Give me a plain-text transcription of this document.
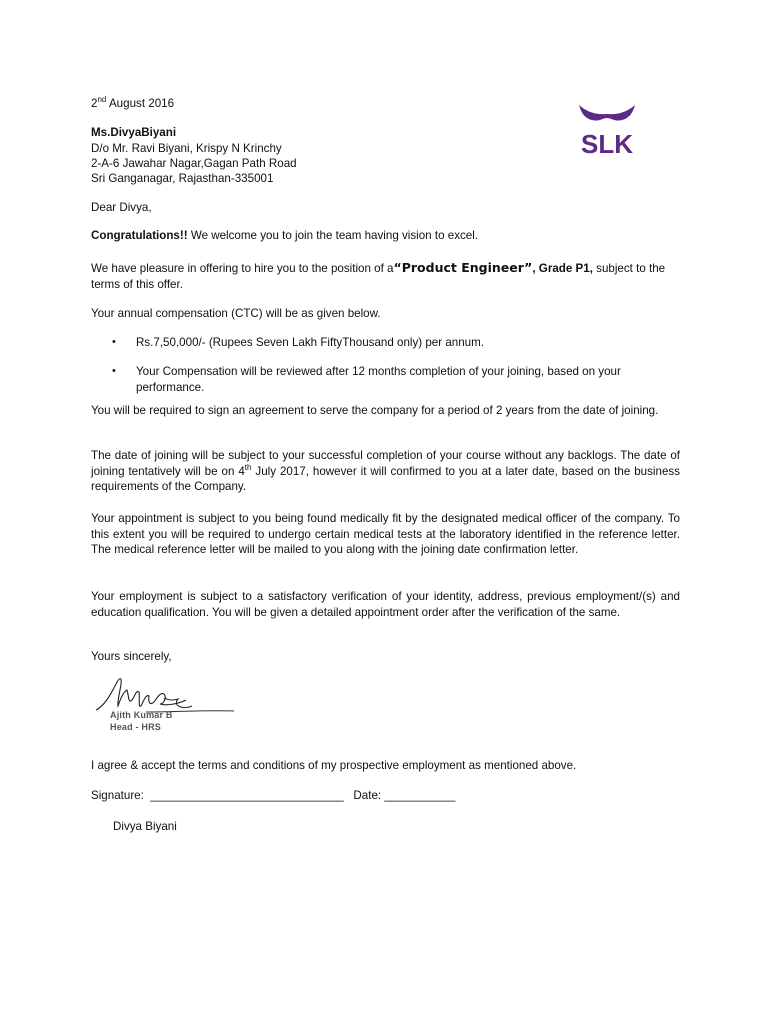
2nd August 2016
Ms.DivyaBiyani
D/o Mr. Ravi Biyani, Krispy N Krinchy
2-A-6 Jawahar Nagar,Gagan Path Road
Sri Ganganagar, Rajasthan-335001
SLK
Dear Divya,
Congratulations!! We welcome you to join the team having vision to excel.
We have pleasure in offering to hire you to the position of a“Product Engineer”, Grade P1, subject to the terms of this offer.
Your annual compensation (CTC) will be as given below.
• Rs.7,50,000/- (Rupees Seven Lakh FiftyThousand only) per annum.
• Your Compensation will be reviewed after 12 months completion of your joining, based on your performance.
You will be required to sign an agreement to serve the company for a period of 2 years from the date of joining.
The date of joining will be subject to your successful completion of your course without any backlogs. The date of joining tentatively will be on 4th July 2017, however it will confirmed to you at a later date, based on the business requirements of the Company.
Your appointment is subject to you being found medically fit by the designated medical officer of the company. To this extent you will be required to undergo certain medical tests at the laboratory identified in the reference letter. The medical reference letter will be mailed to you along with the joining date confirmation letter.
Your employment is subject to a satisfactory verification of your identity, address, previous employment/(s) and education qualification. You will be given a detailed appointment order after the verification of the same.
Yours sincerely,
Ajith Kumar B
Head - HRS
I agree & accept the terms and conditions of my prospective employment as mentioned above.
Signature: ______________________________ Date: ___________
Divya Biyani
